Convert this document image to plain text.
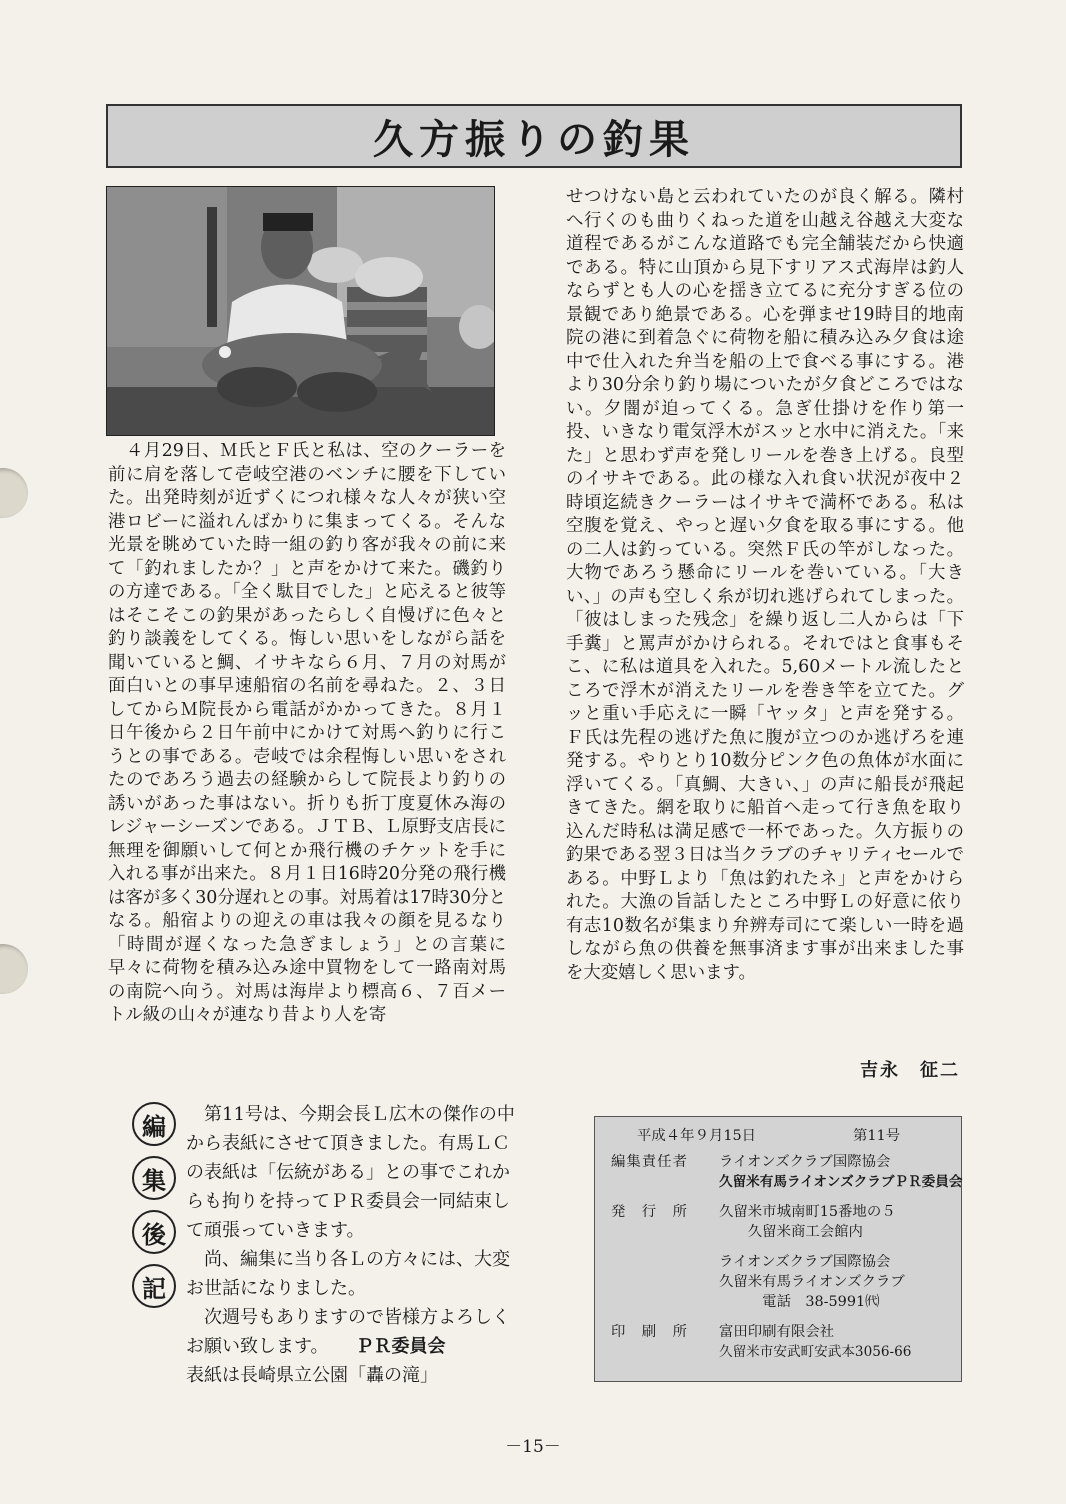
久方振りの釣果

　４月29日、Ｍ氏とＦ氏と私は、空のクーラーを前に肩を落して壱岐空港のベンチに腰を下していた。出発時刻が近ずくにつれ様々な人々が狭い空港ロビーに溢れんばかりに集まってくる。そんな光景を眺めていた時一組の釣り客が我々の前に来て「釣れましたか？」と声をかけて来た。磯釣りの方達である。「全く駄目でした」と応えると彼等はそこそこの釣果があったらしく自慢げに色々と釣り談義をしてくる。悔しい思いをしながら話を聞いていると鯛、イサキなら６月、７月の対馬が面白いとの事早速船宿の名前を尋ねた。２、３日してからＭ院長から電話がかかってきた。８月１日午後から２日午前中にかけて対馬へ釣りに行こうとの事である。壱岐では余程悔しい思いをされたのであろう過去の経験からして院長より釣りの誘いがあった事はない。折りも折丁度夏休み海のレジャーシーズンである。ＪＴＢ、Ｌ原野支店長に無理を御願いして何とか飛行機のチケットを手に入れる事が出来た。８月１日16時20分発の飛行機は客が多く30分遅れとの事。対馬着は17時30分となる。船宿よりの迎えの車は我々の顔を見るなり「時間が遅くなった急ぎましょう」との言葉に早々に荷物を積み込み途中買物をして一路南対馬の南院へ向う。対馬は海岸より標高６、７百メートル級の山々が連なり昔より人を寄

せつけない島と云われていたのが良く解る。隣村へ行くのも曲りくねった道を山越え谷越え大変な道程であるがこんな道路でも完全舗装だから快適である。特に山頂から見下すリアス式海岸は釣人ならずとも人の心を揺き立てるに充分すぎる位の景観であり絶景である。心を弾ませ19時目的地南院の港に到着急ぐに荷物を船に積み込み夕食は途中で仕入れた弁当を船の上で食べる事にする。港より30分余り釣り場についたが夕食どころではない。夕闇が迫ってくる。急ぎ仕掛けを作り第一投、いきなり電気浮木がスッと水中に消えた。「来た」と思わず声を発しリールを巻き上げる。良型のイサキである。此の様な入れ食い状況が夜中２時頃迄続きクーラーはイサキで満杯である。私は空腹を覚え、やっと遅い夕食を取る事にする。他の二人は釣っている。突然Ｆ氏の竿がしなった。大物であろう懸命にリールを巻いている。「大きい、」の声も空しく糸が切れ逃げられてしまった。「彼はしまった残念」を繰り返し二人からは「下手糞」と罵声がかけられる。それではと食事もそこ、に私は道具を入れた。5,60メートル流したところで浮木が消えたリールを巻き竿を立てた。グッと重い手応えに一瞬「ヤッタ」と声を発する。Ｆ氏は先程の逃げた魚に腹が立つのか逃げろを連発する。やりとり10数分ピンク色の魚体が水面に浮いてくる。「真鯛、大きい、」の声に船長が飛起きてきた。網を取りに船首へ走って行き魚を取り込んだ時私は満足感で一杯であった。久方振りの釣果である翌３日は当クラブのチャリティセールである。中野Ｌより「魚は釣れたネ」と声をかけられた。大漁の旨話したところ中野Ｌの好意に依り有志10数名が集まり弁辨寿司にて楽しい一時を過しながら魚の供養を無事済ます事が出来ました事を大変嬉しく思います。

吉永　征二
編
集
後
記

　第11号は、今期会長Ｌ広木の傑作の中から表紙にさせて頂きました。有馬ＬＣの表紙は「伝統がある」との事でこれからも拘りを持ってＰＲ委員会一同結束して頑張っていきます。

　尚、編集に当り各Ｌの方々には、大変お世話になりました。

　次週号もありますので皆様方よろしくお願い致します。　　 ＰＲ委員会

表紙は長崎県立公園「轟の滝」

平成４年９月15日	第11号
編集責任者	ライオンズクラブ国際協会
久留米有馬ライオンズクラブＰＲ委員会
発　行　所	久留米市城南町15番地の５
　　久留米商工会館内
ライオンズクラブ国際協会
久留米有馬ライオンズクラブ
　　　電話　38-5991㈹
印　刷　所	富田印刷有限会社
久留米市安武町安武本3056-66
－15－
